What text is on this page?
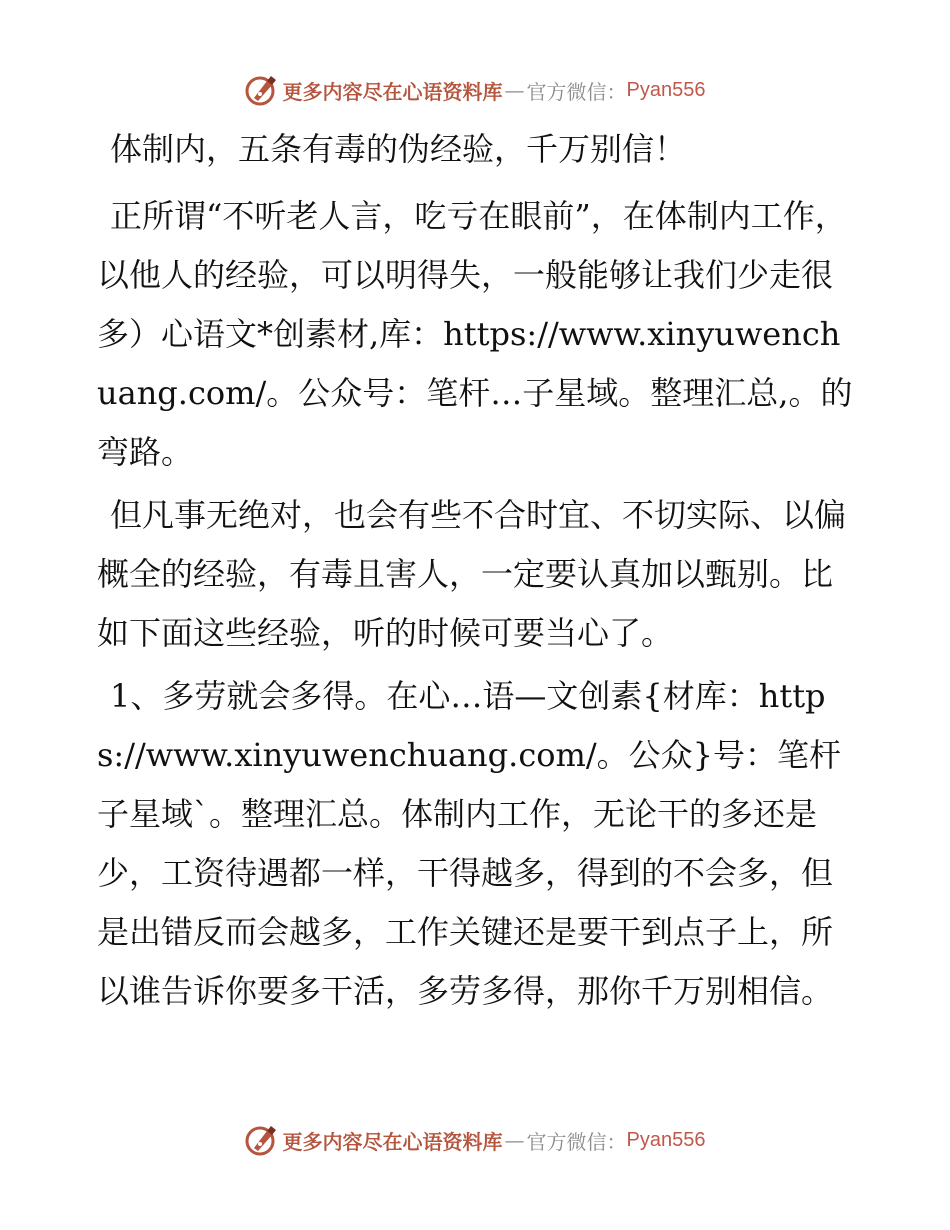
更多内容尽在心语资料库 — 官方微信： Pyan556

体制内，五条有毒的伪经验，千万别信！

正所谓“不听老人言，吃亏在眼前”，在体制内工作，以他人的经验，可以明得失，一般能够让我们少走很多）心语文*创素材,库：https://www.xinyuwenchuang.com/。公众号：笔杆…子星域。整理汇总,。的弯路。

但凡事无绝对，也会有些不合时宜、不切实际、以偏概全的经验，有毒且害人，一定要认真加以甄别。比如下面这些经验，听的时候可要当心了。

1、多劳就会多得。在心…语—文创素{材库：https://www.xinyuwenchuang.com/。公众}号：笔杆子星域`。整理汇总。体制内工作，无论干的多还是少，工资待遇都一样，干得越多，得到的不会多，但是出错反而会越多，工作关键还是要干到点子上，所以谁告诉你要多干活，多劳多得，那你千万别相信。

更多内容尽在心语资料库 — 官方微信： Pyan556
